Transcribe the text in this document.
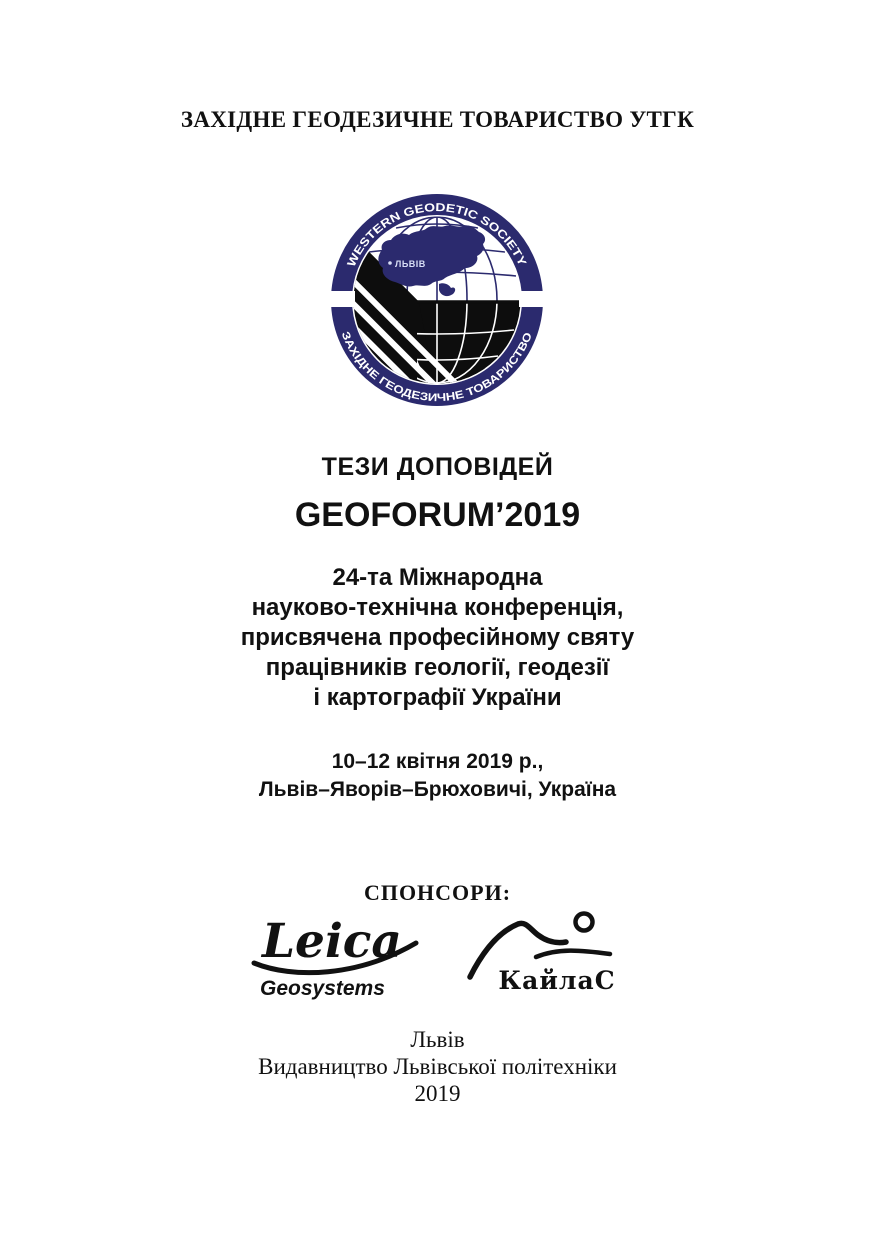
ЗАХІДНЕ ГЕОДЕЗИЧНЕ ТОВАРИСТВО УТГК
ЛЬВІВ
WESTERN GEODETIC SOCIETY
ЗАХІДНЕ ГЕОДЕЗИЧНЕ ТОВАРИСТВО
ТЕЗИ ДОПОВІДЕЙ
GEOFORUM’2019
24-та Міжнародна
науково-технічна конференція,
присвячена професійному святу
працівників геології, геодезії
і картографії України
10–12 квітня 2019 р.,
Львів–Яворів–Брюховичі, Україна
СПОНСОРИ:
Leica
Geosystems	КайлаС
Львів
Видавництво Львівської політехніки
2019
